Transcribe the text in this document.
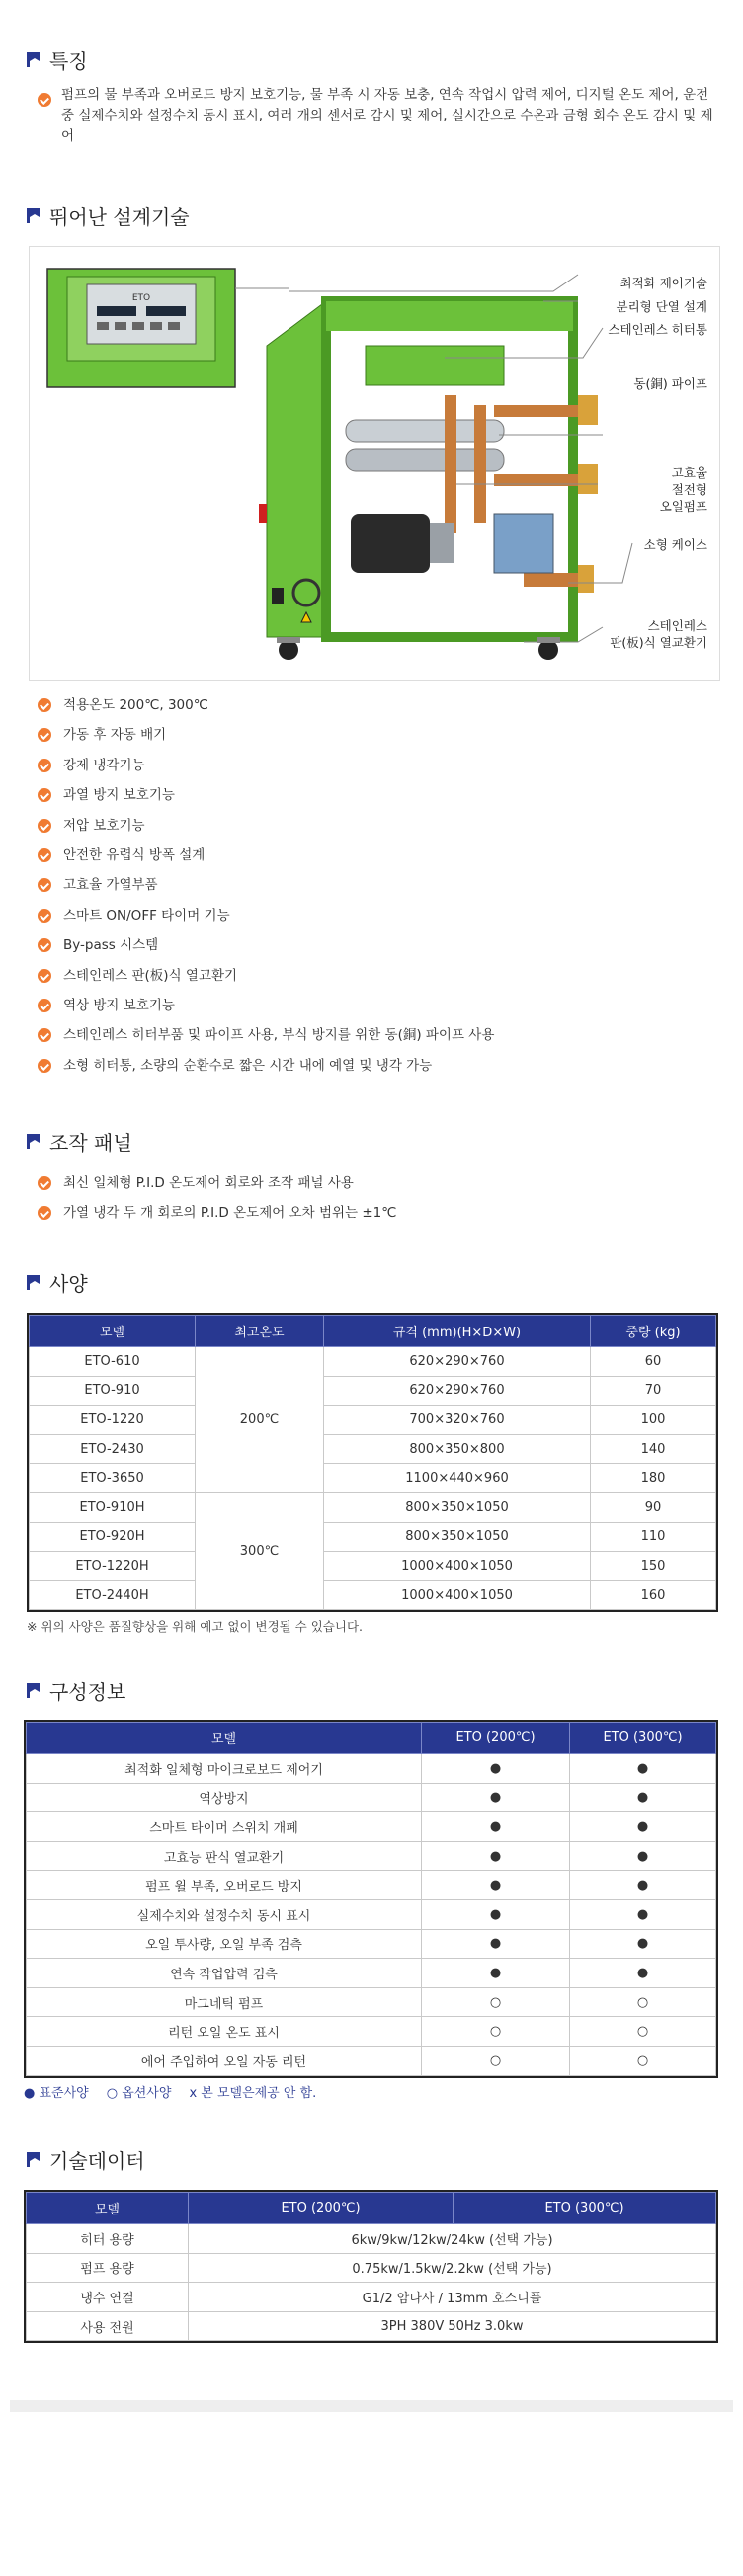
특징
펌프의 물 부족과 오버로드 방지 보호기능, 물 부족 시 자동 보충, 연속 작업시 압력 제어, 디지털 온도 제어, 운전 중 실제수치와 설정수치 동시 표시, 여러 개의 센서로 감시 및 제어, 실시간으로 수온과 금형 회수 온도 감시 및 제어
뛰어난 설계기술
ETO
최적화 제어기술
분리형 단열 설계
스테인레스 히터통
동(銅) 파이프
고효율
절전형
오일펌프
소형 케이스
스테인레스
판(板)식 열교환기
적용온도 200℃, 300℃
가동 후 자동 배기
강제 냉각기능
과열 방지 보호기능
저압 보호기능
안전한 유렵식 방폭 설계
고효율 가열부품
스마트 ON/OFF 타이머 기능
By-pass 시스템
스테인레스 판(板)식 열교환기
역상 방지 보호기능
스테인레스 히터부품 및 파이프 사용, 부식 방지를 위한 동(銅) 파이프 사용
소형 히터통, 소량의 순환수로 짧은 시간 내에 예열 및 냉각 가능
조작 패널
최신 일체형 P.I.D 온도제어 회로와 조작 패널 사용
가열 냉각 두 개 회로의 P.I.D 온도제어 오차 범위는 ±1℃
사양
모델	최고온도	규격 (mm)(H×D×W)	중량 (kg)
ETO-610	200℃	620×290×760	60
ETO-910		620×290×760	70
ETO-1220		700×320×760	100
ETO-2430		800×350×800	140
ETO-3650		1100×440×960	180
ETO-910H	300℃	800×350×1050	90
ETO-920H		800×350×1050	110
ETO-1220H		1000×400×1050	150
ETO-2440H		1000×400×1050	160
※ 위의 사양은 품질향상을 위해 예고 없이 변경될 수 있습니다.
구성정보
모델	ETO (200℃)	ETO (300℃)
최적화 일체형 마이크로보드 제어기	●	●
역상방지	●	●
스마트 타이머 스위치 개폐	●	●
고효능 판식 열교환기	●	●
펌프 윌 부족, 오버로드 방지	●	●
실제수치와 설정수치 동시 표시	●	●
오일 투사량, 오일 부족 검측	●	●
연속 작업압력 검측	●	●
마그네틱 펌프	○	○
리턴 오일 온도 표시	○	○
에어 주입하여 오일 자동 리턴	○	○
● 표준사양 ○ 옵션사양 x 본 모델은제공 안 함.
기술데이터
모델	ETO (200℃)	ETO (300℃)
히터 용량	6kw/9kw/12kw/24kw (선택 가능)	
펌프 용량	0.75kw/1.5kw/2.2kw (선택 가능)	
냉수 연결	G1/2 암나사 / 13mm 호스니플	
사용 전원	3PH 380V 50Hz 3.0kw	
